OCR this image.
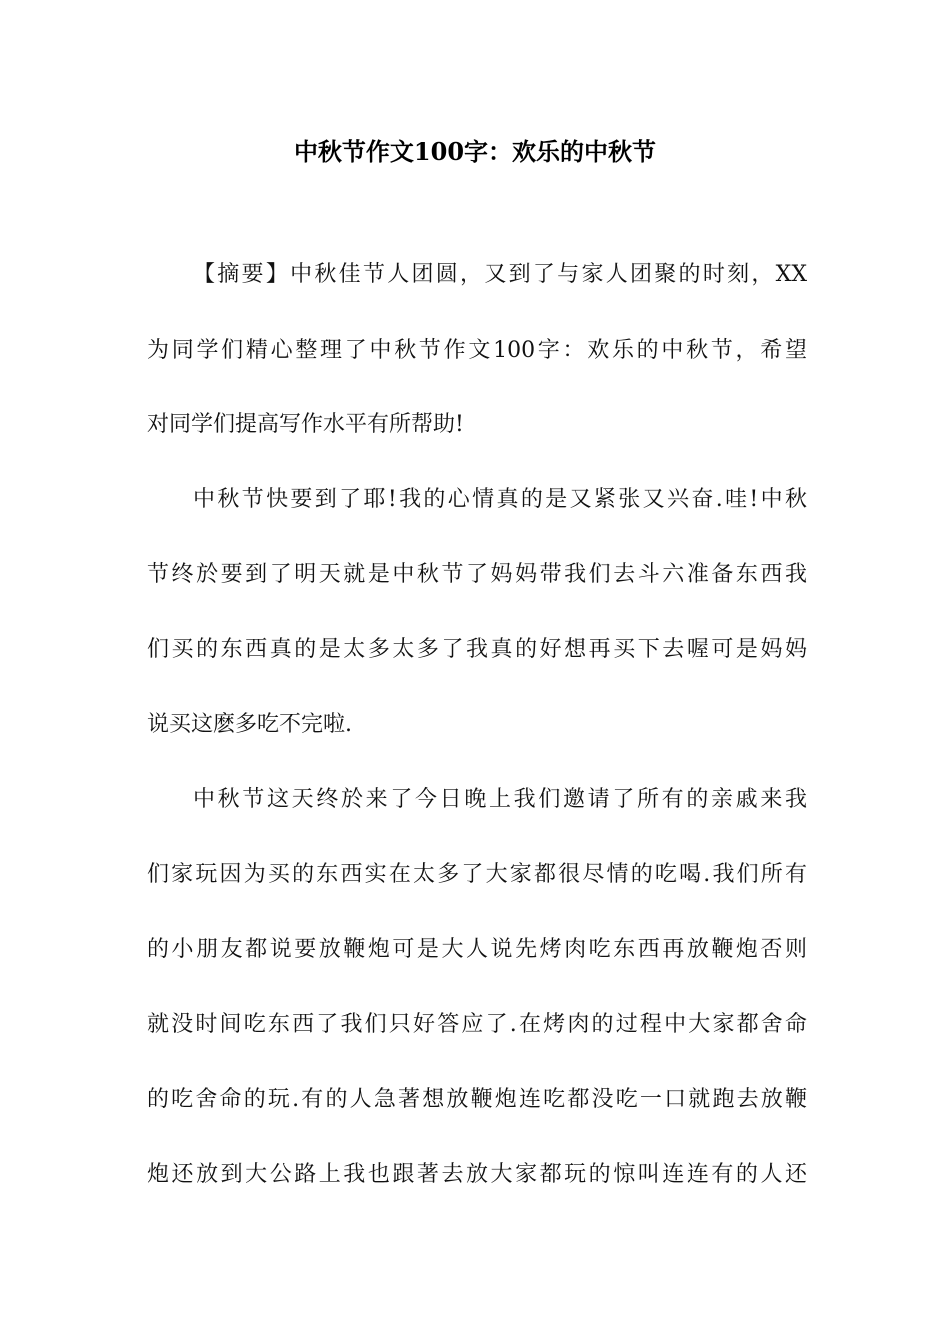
中秋节作文100字：欢乐的中秋节
【摘要】中秋佳节人团圆，又到了与家人团聚的时刻，XX
为同学们精心整理了中秋节作文100字：欢乐的中秋节，希望
对同学们提高写作水平有所帮助!
中秋节快要到了耶!我的心情真的是又紧张又兴奋.哇!中秋
节终於要到了明天就是中秋节了妈妈带我们去斗六准备东西我
们买的东西真的是太多太多了我真的好想再买下去喔可是妈妈
说买这麽多吃不完啦.
中秋节这天终於来了今日晚上我们邀请了所有的亲戚来我
们家玩因为买的东西实在太多了大家都很尽情的吃喝.我们所有
的小朋友都说要放鞭炮可是大人说先烤肉吃东西再放鞭炮否则
就没时间吃东西了我们只好答应了.在烤肉的过程中大家都舍命
的吃舍命的玩.有的人急著想放鞭炮连吃都没吃一口就跑去放鞭
炮还放到大公路上我也跟著去放大家都玩的惊叫连连有的人还
